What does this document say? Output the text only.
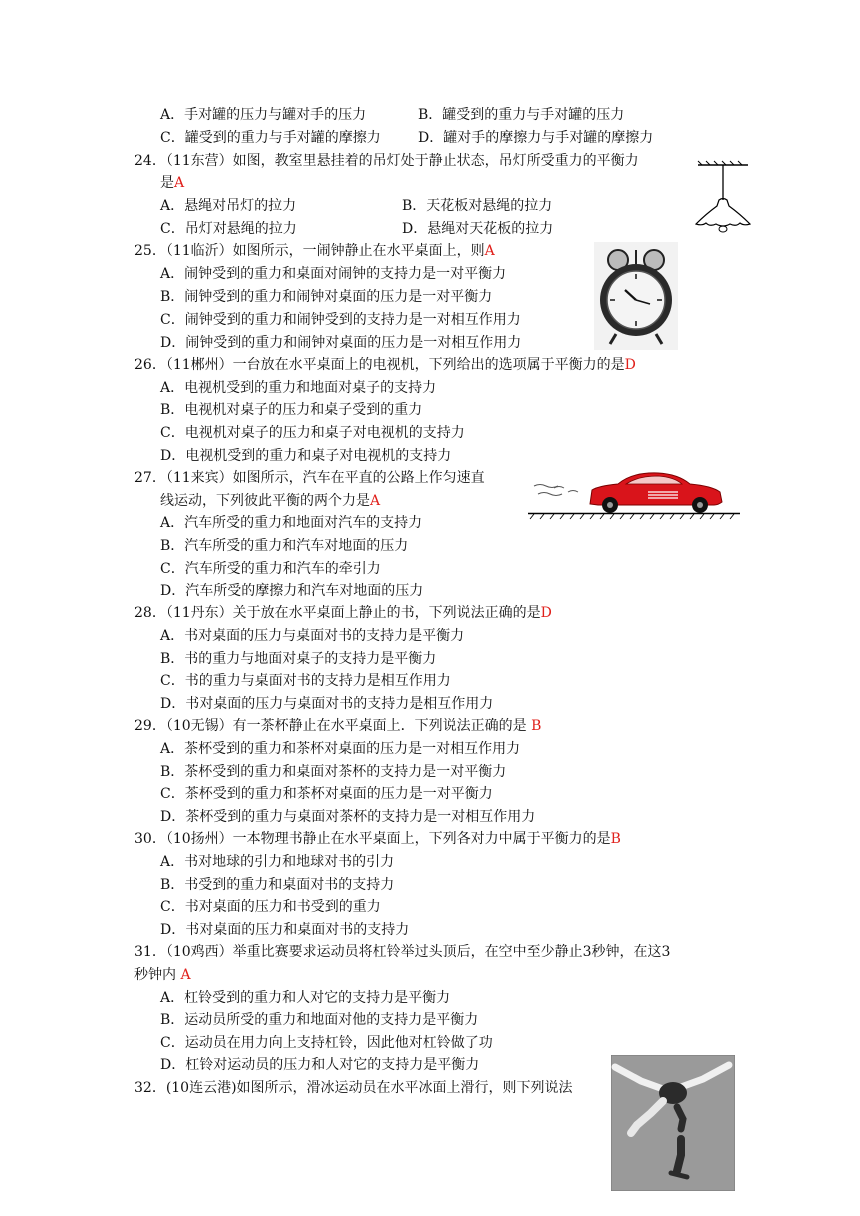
A．手对罐的压力与罐对手的压力	B．罐受到的重力与手对罐的压力
C．罐受到的重力与手对罐的摩擦力	D．罐对手的摩擦力与手对罐的摩擦力
24．（11东营）如图，教室里悬挂着的吊灯处于静止状态，吊灯所受重力的平衡力
是A
A．悬绳对吊灯的拉力	B．天花板对悬绳的拉力
C．吊灯对悬绳的拉力	D．悬绳对天花板的拉力
25．（11临沂）如图所示，一闹钟静止在水平桌面上，则A
A．闹钟受到的重力和桌面对闹钟的支持力是一对平衡力
B．闹钟受到的重力和闹钟对桌面的压力是一对平衡力
C．闹钟受到的重力和闹钟受到的支持力是一对相互作用力
D．闹钟受到的重力和闹钟对桌面的压力是一对相互作用力
26．（11郴州）一台放在水平桌面上的电视机，下列给出的选项属于平衡力的是D
A．电视机受到的重力和地面对桌子的支持力
B．电视机对桌子的压力和桌子受到的重力
C．电视机对桌子的压力和桌子对电视机的支持力
D．电视机受到的重力和桌子对电视机的支持力
27．（11来宾）如图所示，汽车在平直的公路上作匀速直
线运动，下列彼此平衡的两个力是A
A．汽车所受的重力和地面对汽车的支持力
B．汽车所受的重力和汽车对地面的压力
C．汽车所受的重力和汽车的牵引力
D．汽车所受的摩擦力和汽车对地面的压力
28．（11丹东）关于放在水平桌面上静止的书，下列说法正确的是D
A．书对桌面的压力与桌面对书的支持力是平衡力
B．书的重力与地面对桌子的支持力是平衡力
C．书的重力与桌面对书的支持力是相互作用力
D．书对桌面的压力与桌面对书的支持力是相互作用力
29．（10无锡）有一茶杯静止在水平桌面上．下列说法正确的是 B
A．茶杯受到的重力和茶杯对桌面的压力是一对相互作用力
B．茶杯受到的重力和桌面对茶杯的支持力是一对平衡力
C．茶杯受到的重力和茶杯对桌面的压力是一对平衡力
D．茶杯受到的重力与桌面对茶杯的支持力是一对相互作用力
30．（10扬州）一本物理书静止在水平桌面上，下列各对力中属于平衡力的是B
A．书对地球的引力和地球对书的引力
B．书受到的重力和桌面对书的支持力
C．书对桌面的压力和书受到的重力
D．书对桌面的压力和桌面对书的支持力
31．（10鸡西）举重比赛要求运动员将杠铃举过头顶后，在空中至少静止3秒钟，在这3
秒钟内 A
A．杠铃受到的重力和人对它的支持力是平衡力
B．运动员所受的重力和地面对他的支持力是平衡力
C．运动员在用力向上支持杠铃，因此他对杠铃做了功
D．杠铃对运动员的压力和人对它的支持力是平衡力
32．(10连云港)如图所示，滑冰运动员在水平冰面上滑行，则下列说法
